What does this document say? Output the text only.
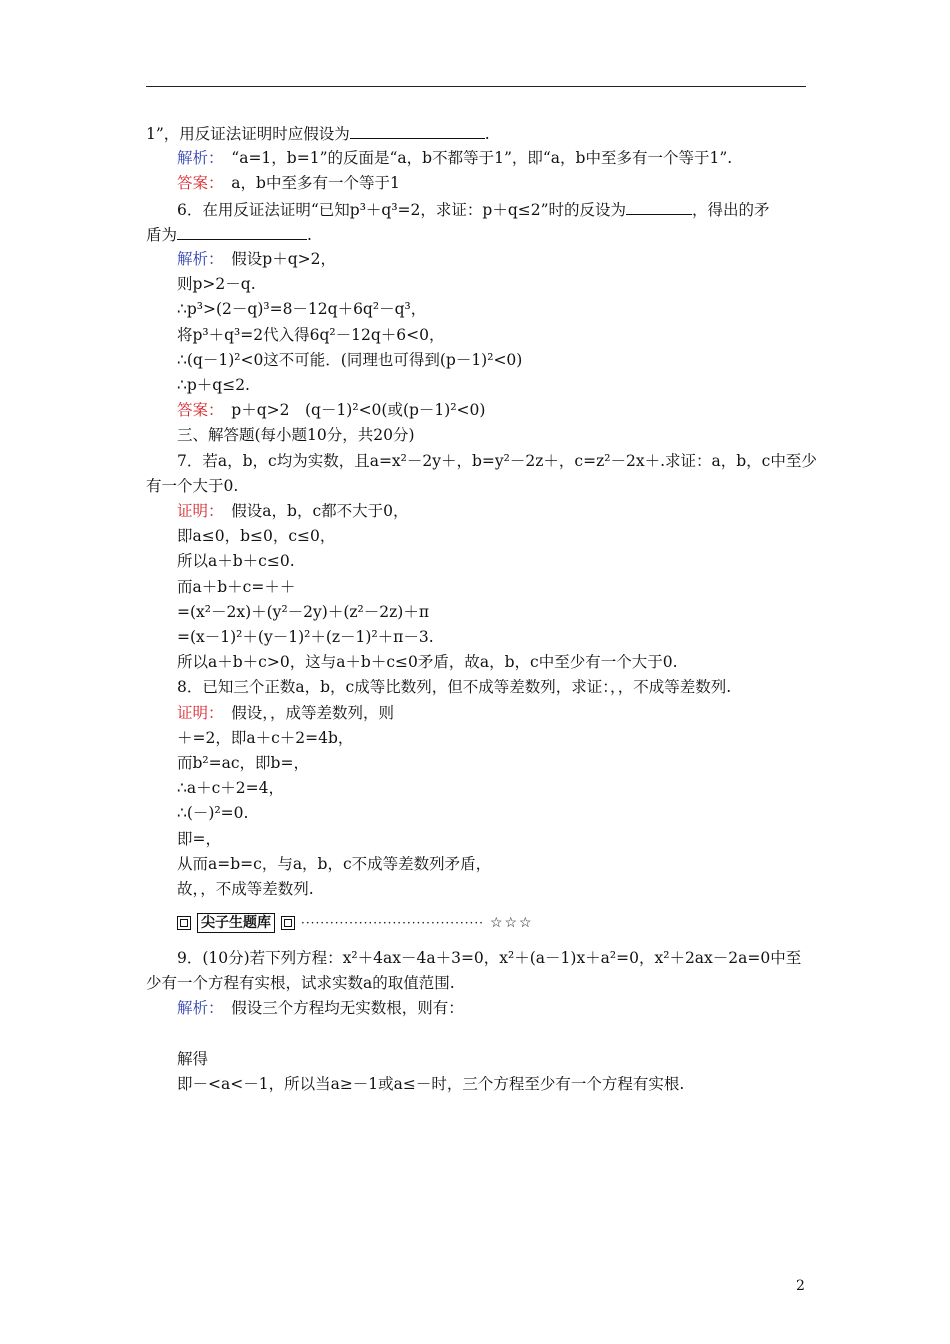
1”，用反证法证明时应假设为	.
解析：　 “a=1，b=1”的反面是“a，b不都等于1”，即“a，b中至多有一个等于1”.
答案：　 a，b中至多有一个等于1
6．在用反证法证明“已知p³＋q³=2，求证：p＋q≤2”时的反设为	，得出的矛
盾为	.
解析：　 假设p＋q>2，
则p>2－q.
∴p³>(2－q)³=8－12q＋6q²－q³，
将p³＋q³=2代入得6q²－12q＋6<0，
∴(q－1)²<0这不可能．(同理也可得到(p－1)²<0)
∴p＋q≤2.
答案：　 p＋q>2　(q－1)²<0(或(p－1)²<0)
三、解答题(每小题10分，共20分)
7．若a，b，c均为实数，且a=x²－2y＋，b=y²－2z＋，c=z²－2x＋.求证：a，b，c中至少
有一个大于0.
证明：　 假设a，b，c都不大于0，
即a≤0，b≤0，c≤0，
所以a＋b＋c≤0.
而a＋b＋c=＋＋
=(x²－2x)＋(y²－2y)＋(z²－2z)＋π
=(x－1)²＋(y－1)²＋(z－1)²＋π－3.
所以a＋b＋c>0，这与a＋b＋c≤0矛盾，故a，b，c中至少有一个大于0.
8．已知三个正数a，b，c成等比数列，但不成等差数列，求证：，，不成等差数列.
证明：　 假设，，成等差数列，则
＋=2，即a＋c＋2=4b，
而b²=ac，即b=，
∴a＋c＋2=4，
∴(－)²=0.
即=，
从而a=b=c，与a，b，c不成等差数列矛盾，
故，，不成等差数列.
尖子生题库	······································ ☆☆☆
9．(10分)若下列方程：x²＋4ax－4a＋3=0，x²＋(a－1)x＋a²=0，x²＋2ax－2a=0中至
少有一个方程有实根，试求实数a的取值范围.
解析：　 假设三个方程均无实数根，则有：
解得
即－<a<－1，所以当a≥－1或a≤－时，三个方程至少有一个方程有实根.
2
